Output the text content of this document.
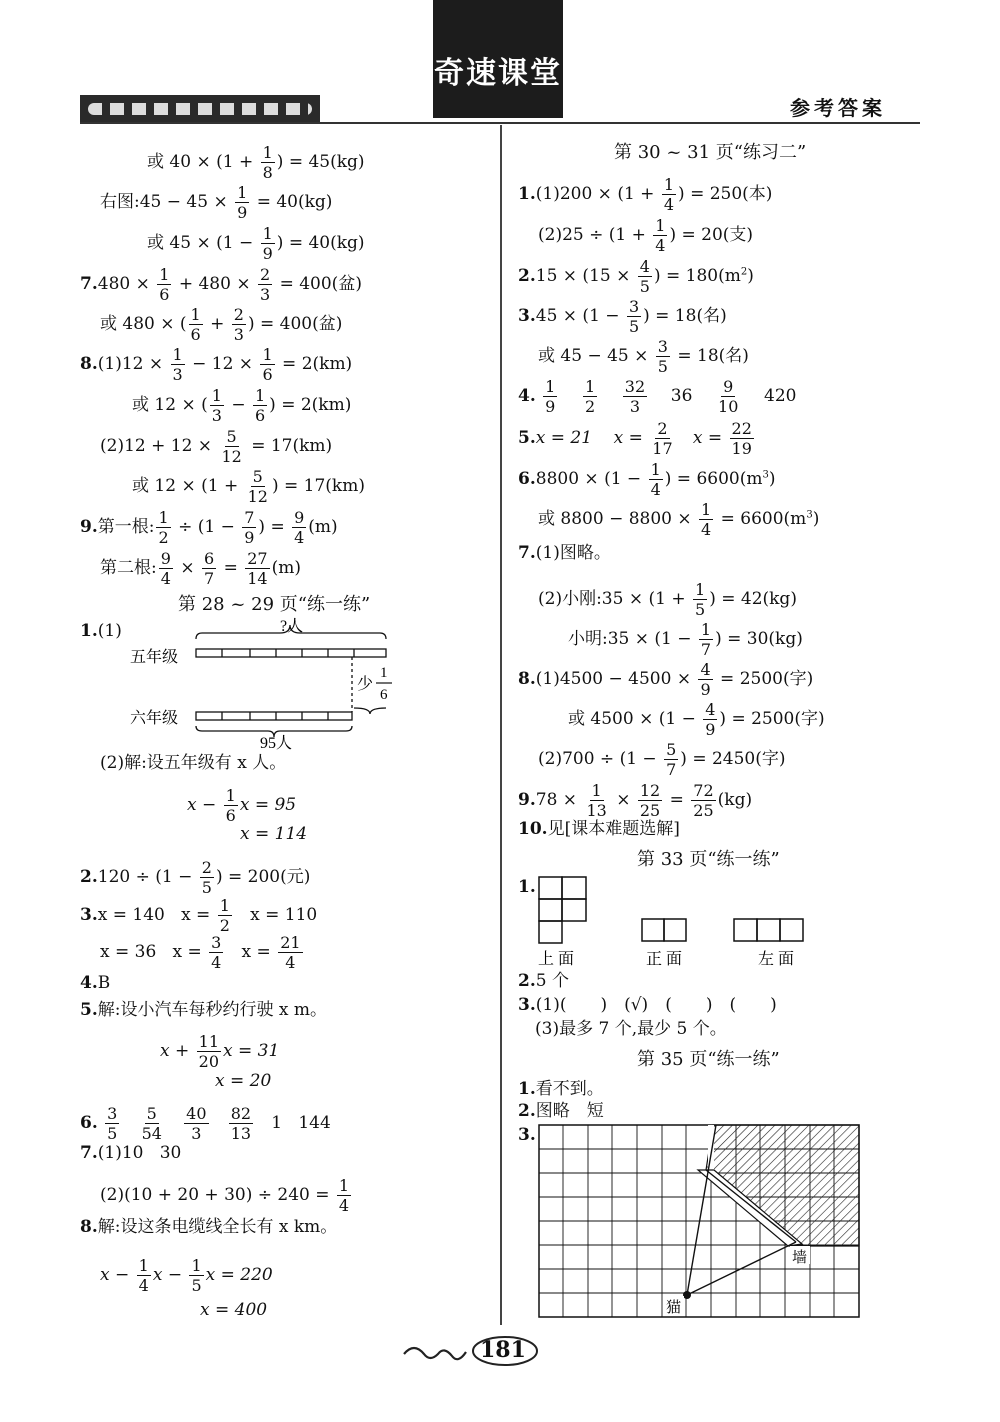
奇速课堂
参考答案
或 $40 \times (1 + \frac{1}{8}$ ) = 45(kg)
右图:45 − $45 \times \frac{1}{9} = 40(kg)$
或 $45 \times (1 - \frac{1}{9}$ ) = 40(kg)
$7.480 \times \frac{1}{6} + 480 \times \frac{2}{3} = 400$(盆)
或 480 × ( $\frac{1}{6} + \frac{2}{3}$ ) = 400(盆)
$8.(1)12 \times \frac{1}{3} - 12 \times \frac{1}{6} = 2(km)$
或 12 × ( $\frac{1}{3} - \frac{1}{6}$ ) = 2(km)
$(2)12 + 12 \times \frac{5}{12} = 17(km)$
或 $12 \times (1 + \frac{5}{12}$ ) = 17(km)
9.第一根: $\frac{1}{2} \div (1 - \frac{7}{9}$ ) = $\frac{9}{4} (m)$
第二根: $\frac{9}{4} \times \frac{6}{7} = \frac{27}{14} (m)$
第 28 ~ 29 页“练一练”
1.(1)	?人
五年级
六年级
少
1
6
95人
(2)解:设五年级有 x 人。
$x - \frac{1}{6}$ x = 95
x = 114
$2.120 \div (1 - \frac{2}{5}$ ) = 200(元)
3.x = 140 $x = \frac{1}{2}$ x = 110
x = 36 $x = \frac{3}{4}$ $x = \frac{21}{4}$
4.B
5.解:设小汽车每秒约行驶 x m。
$x + \frac{11}{20}$ x = 31
x = 20
6. $\frac{3}{5}$
$\frac{5}{54}$
$\frac{40}{3}$
$\frac{82}{13} 1$ 144
7.(1)10 30
$(2)(10 + 20 + 30) \div 240 = \frac{1}{4}$
8.解:设这条电缆线全长有 x km。
$x - \frac{1}{4}$ $x - \frac{1}{5}$ x = 220
x = 400
第 30 ~ 31 页“练习二”
$1.(1)200 \times (1 + \frac{1}{4}$ ) = 250(本)
$(2)25 \div (1 + \frac{1}{4}$ ) = 20(支)
$2.15 \times (15 \times \frac{4}{5}$ ) = $180(m^2)$
$3.45 \times (1 - \frac{3}{5}$ ) = 18(名)
或 $45 - 45 \times \frac{3}{5} = 18$(名)
4. $\frac{1}{9}$
$\frac{1}{2}$
$\frac{32}{3} 36 \frac{9}{10} 420$
5.x = 21 $x = \frac{2}{17}$ $x = \frac{22}{19}$
$6.8800 \times (1 - \frac{1}{4}$ ) = $6600(m^3)$
或 $8800 - 8800 \times \frac{1}{4} = 6600(m^3)$
7.(1)图略。
(2)小刚:35 × ($1 + \frac{1}{5}$ ) = 42(kg)
小明:35 × ($1 - \frac{1}{7}$ ) = 30(kg)
$8.(1)4500 - 4500 \times \frac{4}{9} = 2500$(字)
或 $4500 \times (1 - \frac{4}{9}$ ) = 2500(字)
$(2)700 \div (1 - \frac{5}{7}$ ) = 2450(字)
$9.78 \times \frac{1}{13} \times \frac{12}{25} = \frac{72}{25} (kg)$
10.见[课本难题选解]
第 33 页“练一练”
1.
上面	正面	左面
2.5 个
3.(1)(　　)　(√)　(　　)　(　　)
(3)最多 7 个,最少 5 个。
第 35 页“练一练”
1.看不到。
2.图略　短
3.
墙
猫
181
